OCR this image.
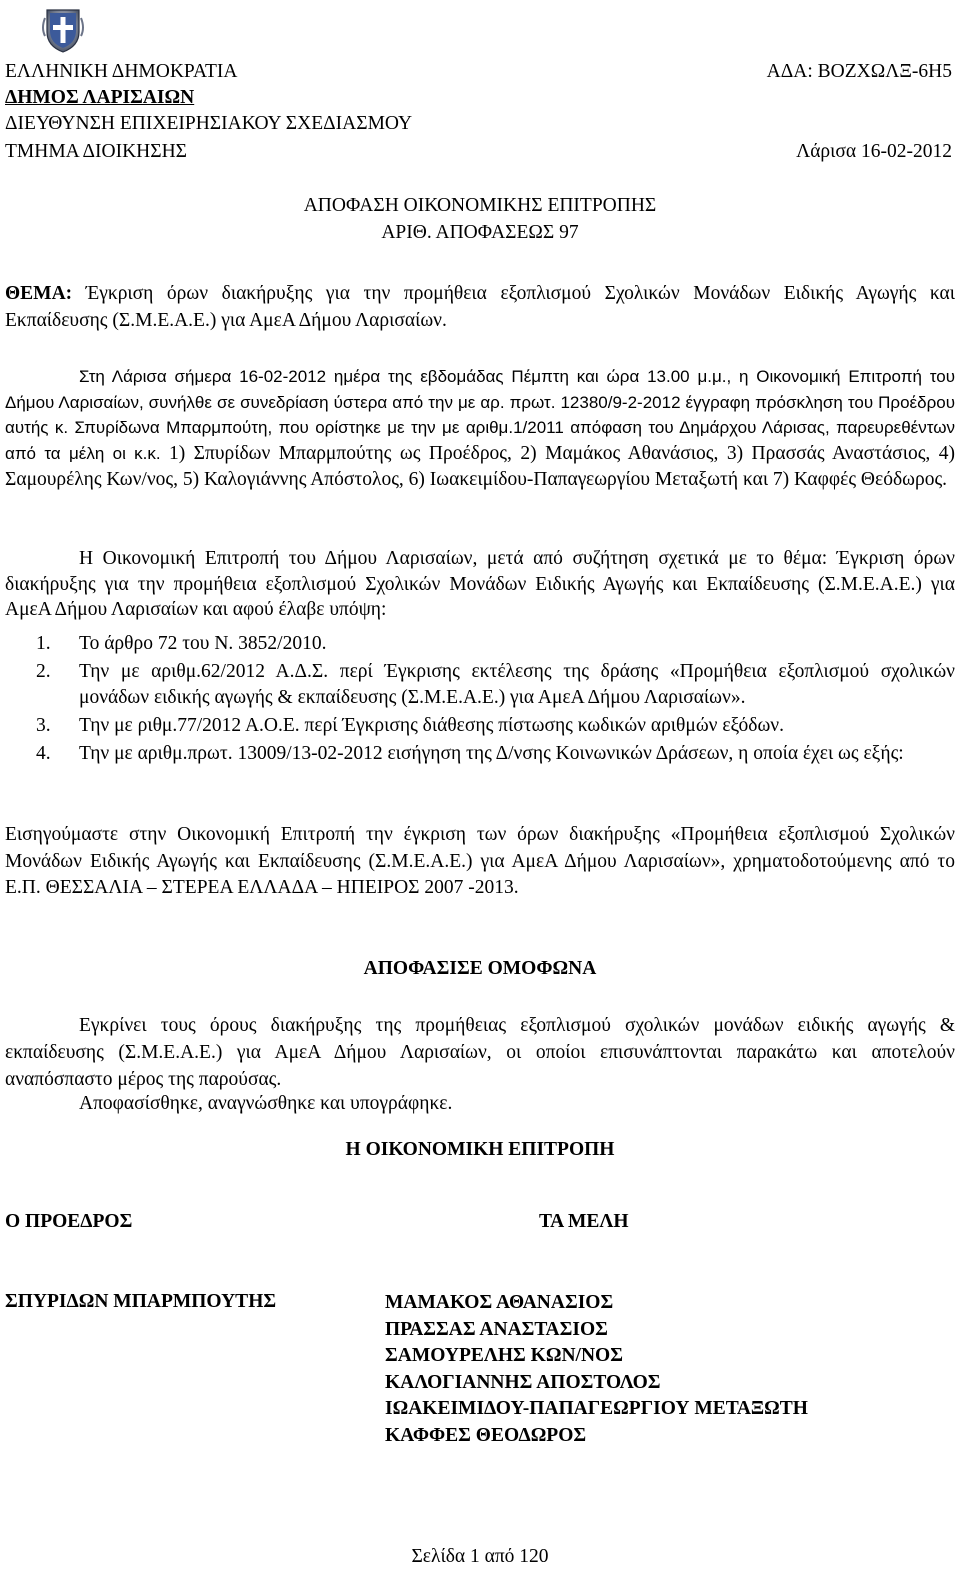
ΕΛΛΗΝΙΚΗ ΔΗΜΟΚΡΑΤΙΑ
ΔΗΜΟΣ ΛΑΡΙΣΑΙΩΝ
ΔΙΕΥΘΥΝΣΗ ΕΠΙΧΕΙΡΗΣΙΑΚΟΥ ΣΧΕΔΙΑΣΜΟΥ
ΤΜΗΜΑ ΔΙΟΙΚΗΣΗΣ
ΑΔΑ: ΒΟΖΧΩΛΞ-6Η5
Λάρισα 16-02-2012
ΑΠΟΦΑΣΗ ΟΙΚΟΝΟΜΙΚΗΣ ΕΠΙΤΡΟΠΗΣ
ΑΡΙΘ. ΑΠΟΦΑΣΕΩΣ 97
ΘΕΜΑ: Έγκριση όρων διακήρυξης για την προμήθεια εξοπλισμού Σχολικών Μονάδων Ειδικής Αγωγής και Εκπαίδευσης (Σ.Μ.Ε.Α.Ε.) για ΑμεΑ Δήμου Λαρισαίων.
Στη Λάρισα σήμερα 16-02-2012 ημέρα της εβδομάδας Πέμπτη και ώρα 13.00 μ.μ., η Οικονομική Επιτροπή του Δήμου Λαρισαίων, συνήλθε σε συνεδρίαση ύστερα από την με αρ. πρωτ. 12380/9-2-2012 έγγραφη πρόσκληση του Προέδρου αυτής κ. Σπυρίδωνα Μπαρμπούτη, που ορίστηκε με την με αριθμ.1/2011 απόφαση του Δημάρχου Λάρισας, παρευρεθέντων από τα μέλη οι κ.κ. 1) Σπυρίδων Μπαρμπούτης ως Προέδρος, 2) Μαμάκος Αθανάσιος, 3) Πρασσάς Αναστάσιος, 4) Σαμουρέλης Κων/νος, 5) Καλογιάννης Απόστολος, 6) Ιωακειμίδου-Παπαγεωργίου Μεταξωτή και 7) Καφφές Θεόδωρος.
Η Οικονομική Επιτροπή του Δήμου Λαρισαίων, μετά από συζήτηση σχετικά με το θέμα: Έγκριση όρων διακήρυξης για την προμήθεια εξοπλισμού Σχολικών Μονάδων Ειδικής Αγωγής και Εκπαίδευσης (Σ.Μ.Ε.Α.Ε.) για ΑμεΑ Δήμου Λαρισαίων και αφού έλαβε υπόψη:
1. Το άρθρο 72 του Ν. 3852/2010.
2. Την με αριθμ.62/2012 Α.Δ.Σ. περί Έγκρισης εκτέλεσης της δράσης «Προμήθεια εξοπλισμού σχολικών μονάδων ειδικής αγωγής & εκπαίδευσης (Σ.Μ.Ε.Α.Ε.) για ΑμεΑ Δήμου Λαρισαίων».
3. Την με ριθμ.77/2012 Α.Ο.Ε. περί Έγκρισης διάθεσης πίστωσης κωδικών αριθμών εξόδων.
4. Την με αριθμ.πρωτ. 13009/13-02-2012 εισήγηση της Δ/νσης Κοινωνικών Δράσεων, η οποία έχει ως εξής:
Εισηγούμαστε στην Οικονομική Επιτροπή την έγκριση των όρων διακήρυξης «Προμήθεια εξοπλισμού Σχολικών Μονάδων Ειδικής Αγωγής και Εκπαίδευσης (Σ.Μ.Ε.Α.Ε.) για ΑμεΑ Δήμου Λαρισαίων», χρηματοδοτούμενης από το Ε.Π. ΘΕΣΣΑΛΙΑ – ΣΤΕΡΕΑ ΕΛΛΑΔΑ – ΗΠΕΙΡΟΣ 2007 -2013.
ΑΠΟΦΑΣΙΣΕ ΟΜΟΦΩΝΑ
Εγκρίνει τους όρους διακήρυξης της προμήθειας εξοπλισμού σχολικών μονάδων ειδικής αγωγής & εκπαίδευσης (Σ.Μ.Ε.Α.Ε.) για ΑμεΑ Δήμου Λαρισαίων, οι οποίοι επισυνάπτονται παρακάτω και αποτελούν αναπόσπαστο μέρος της παρούσας.
Αποφασίσθηκε, αναγνώσθηκε και υπογράφηκε.
Η ΟΙΚΟΝΟΜΙΚΗ ΕΠΙΤΡΟΠΗ
Ο ΠΡΟΕΔΡΟΣ	ΤΑ ΜΕΛΗ
ΣΠΥΡΙΔΩΝ ΜΠΑΡΜΠΟΥΤΗΣ	ΜΑΜΑΚΟΣ ΑΘΑΝΑΣΙΟΣ
ΠΡΑΣΣΑΣ ΑΝΑΣΤΑΣΙΟΣ
ΣΑΜΟΥΡΕΛΗΣ ΚΩΝ/ΝΟΣ
ΚΑΛΟΓΙΑΝΝΗΣ ΑΠΟΣΤΟΛΟΣ
ΙΩΑΚΕΙΜΙΔΟΥ-ΠΑΠΑΓΕΩΡΓΙΟΥ ΜΕΤΑΞΩΤΗ
ΚΑΦΦΕΣ ΘΕΟΔΩΡΟΣ
Σελίδα 1 από 120
